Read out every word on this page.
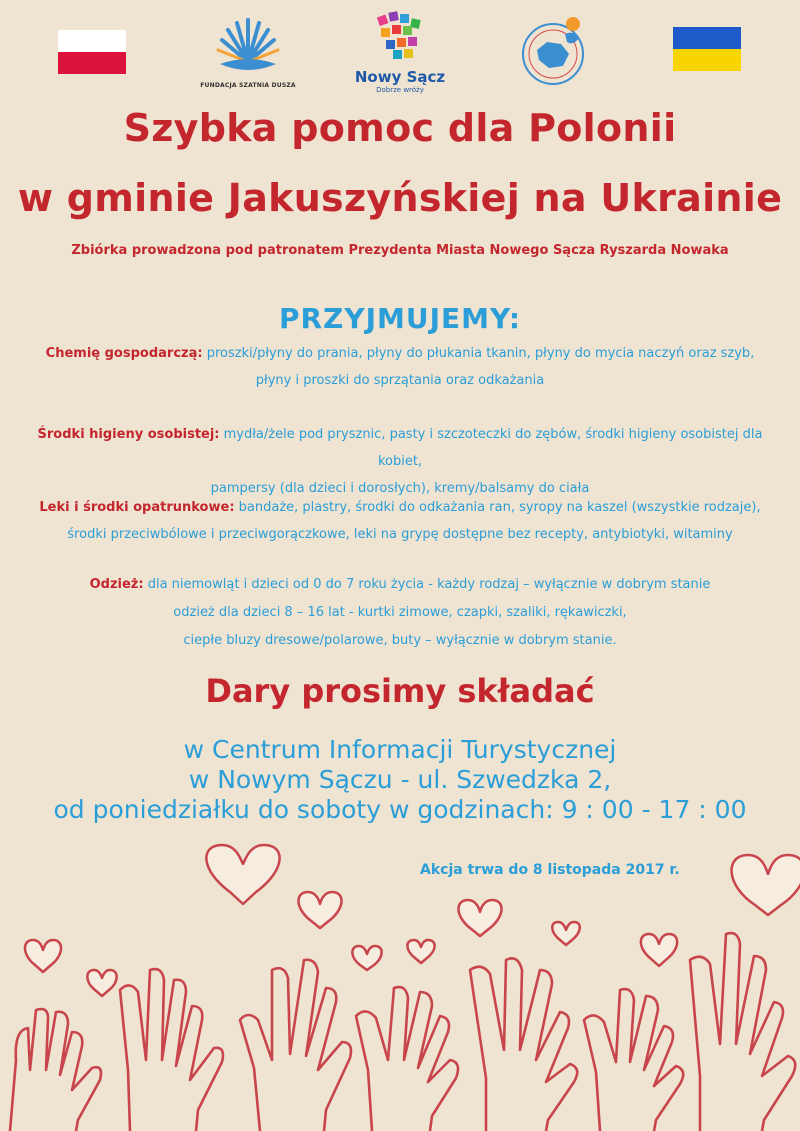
FUNDACJA SZATNIA DUSZA	Nowy Sącz
Dobrze wróży
Szybka pomoc dla Polonii
w gminie Jakuszyńskiej na Ukrainie
Zbiórka prowadzona pod patronatem Prezydenta Miasta Nowego Sącza Ryszarda Nowaka
PRZYJMUJEMY:
Chemię gospodarczą: proszki/płyny do prania, płyny do płukania tkanin, płyny do mycia naczyń oraz szyb,
płyny i proszki do sprzątania oraz odkażania
Środki higieny osobistej: mydła/żele pod prysznic, pasty i szczoteczki do zębów, środki higieny osobistej dla kobiet,
pampersy (dla dzieci i dorosłych), kremy/balsamy do ciała
Leki i środki opatrunkowe: bandaże, plastry, środki do odkażania ran, syropy na kaszel (wszystkie rodzaje),
środki przeciwbólowe i przeciwgorączkowe, leki na grypę dostępne bez recepty, antybiotyki, witaminy
Odzież: dla niemowląt i dzieci od 0 do 7 roku życia - każdy rodzaj – wyłącznie w dobrym stanie
odzież dla dzieci 8 – 16 lat - kurtki zimowe, czapki, szaliki, rękawiczki,
ciepłe bluzy dresowe/polarowe, buty – wyłącznie w dobrym stanie.
Dary prosimy składać
w Centrum Informacji Turystycznej
w Nowym Sączu - ul. Szwedzka 2,
od poniedziałku do soboty w godzinach: 9 : 00 - 17 : 00
Akcja trwa do 8 listopada 2017 r.
